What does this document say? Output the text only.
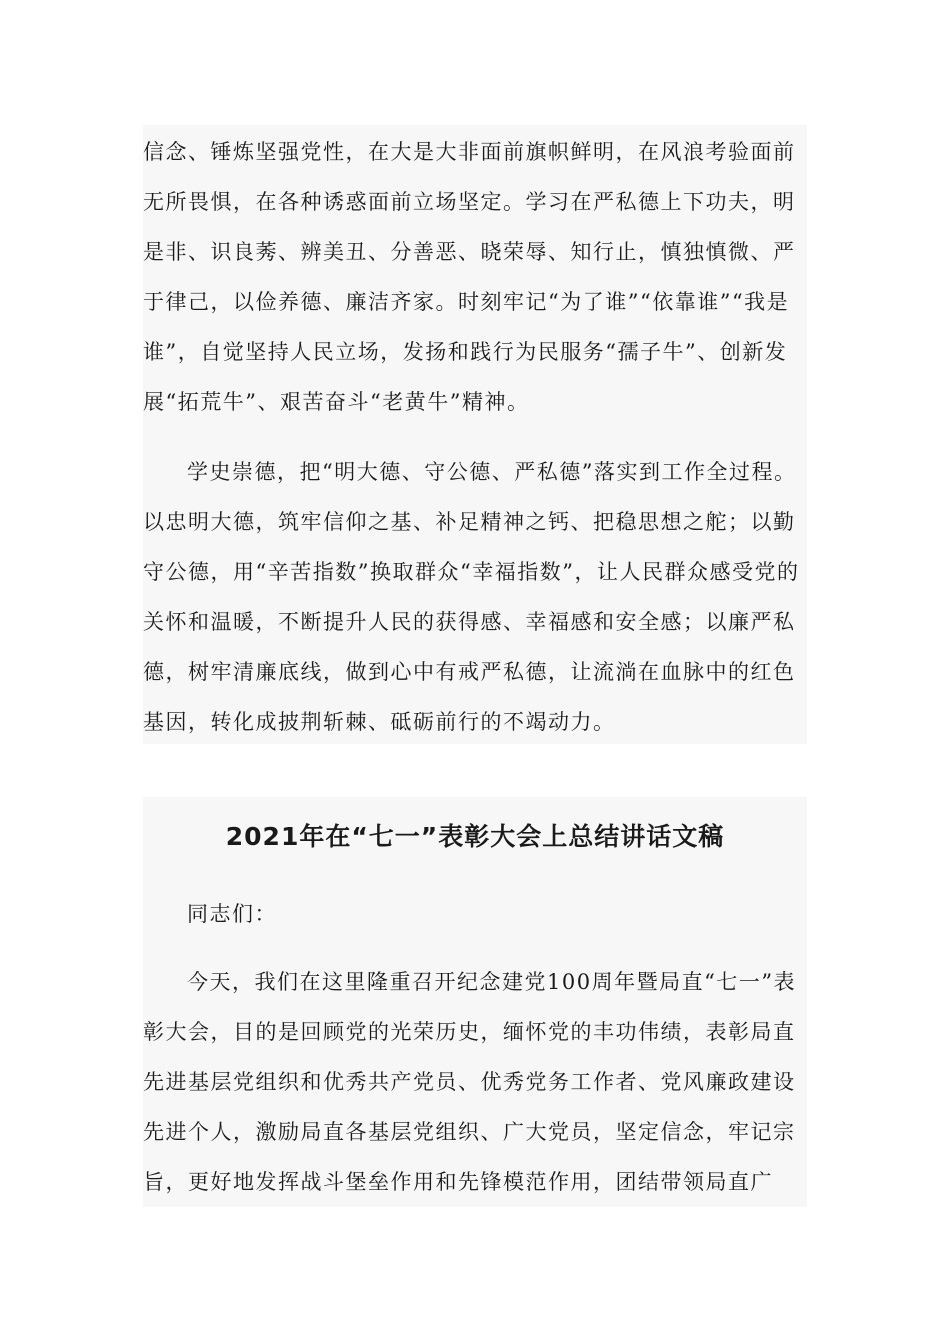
信念、锤炼坚强党性，在大是大非面前旗帜鲜明，在风浪考验面前无所畏惧，在各种诱惑面前立场坚定。学习在严私德上下功夫，明是非、识良莠、辨美丑、分善恶、晓荣辱、知行止，慎独慎微、严于律己，以俭养德、廉洁齐家。时刻牢记“为了谁”“依靠谁”“我是谁”，自觉坚持人民立场，发扬和践行为民服务“孺子牛”、创新发展“拓荒牛”、艰苦奋斗“老黄牛”精神。

学史崇德，把“明大德、守公德、严私德”落实到工作全过程。以忠明大德，筑牢信仰之基、补足精神之钙、把稳思想之舵；以勤守公德，用“辛苦指数”换取群众“幸福指数”，让人民群众感受党的关怀和温暖，不断提升人民的获得感、幸福感和安全感；以廉严私德，树牢清廉底线，做到心中有戒严私德，让流淌在血脉中的红色基因，转化成披荆斩棘、砥砺前行的不竭动力。

2021年在“七一”表彰大会上总结讲话文稿

同志们：

今天，我们在这里隆重召开纪念建党100周年暨局直“七一”表彰大会，目的是回顾党的光荣历史，缅怀党的丰功伟绩，表彰局直先进基层党组织和优秀共产党员、优秀党务工作者、党风廉政建设先进个人，激励局直各基层党组织、广大党员，坚定信念，牢记宗旨，更好地发挥战斗堡垒作用和先锋模范作用，团结带领局直广
